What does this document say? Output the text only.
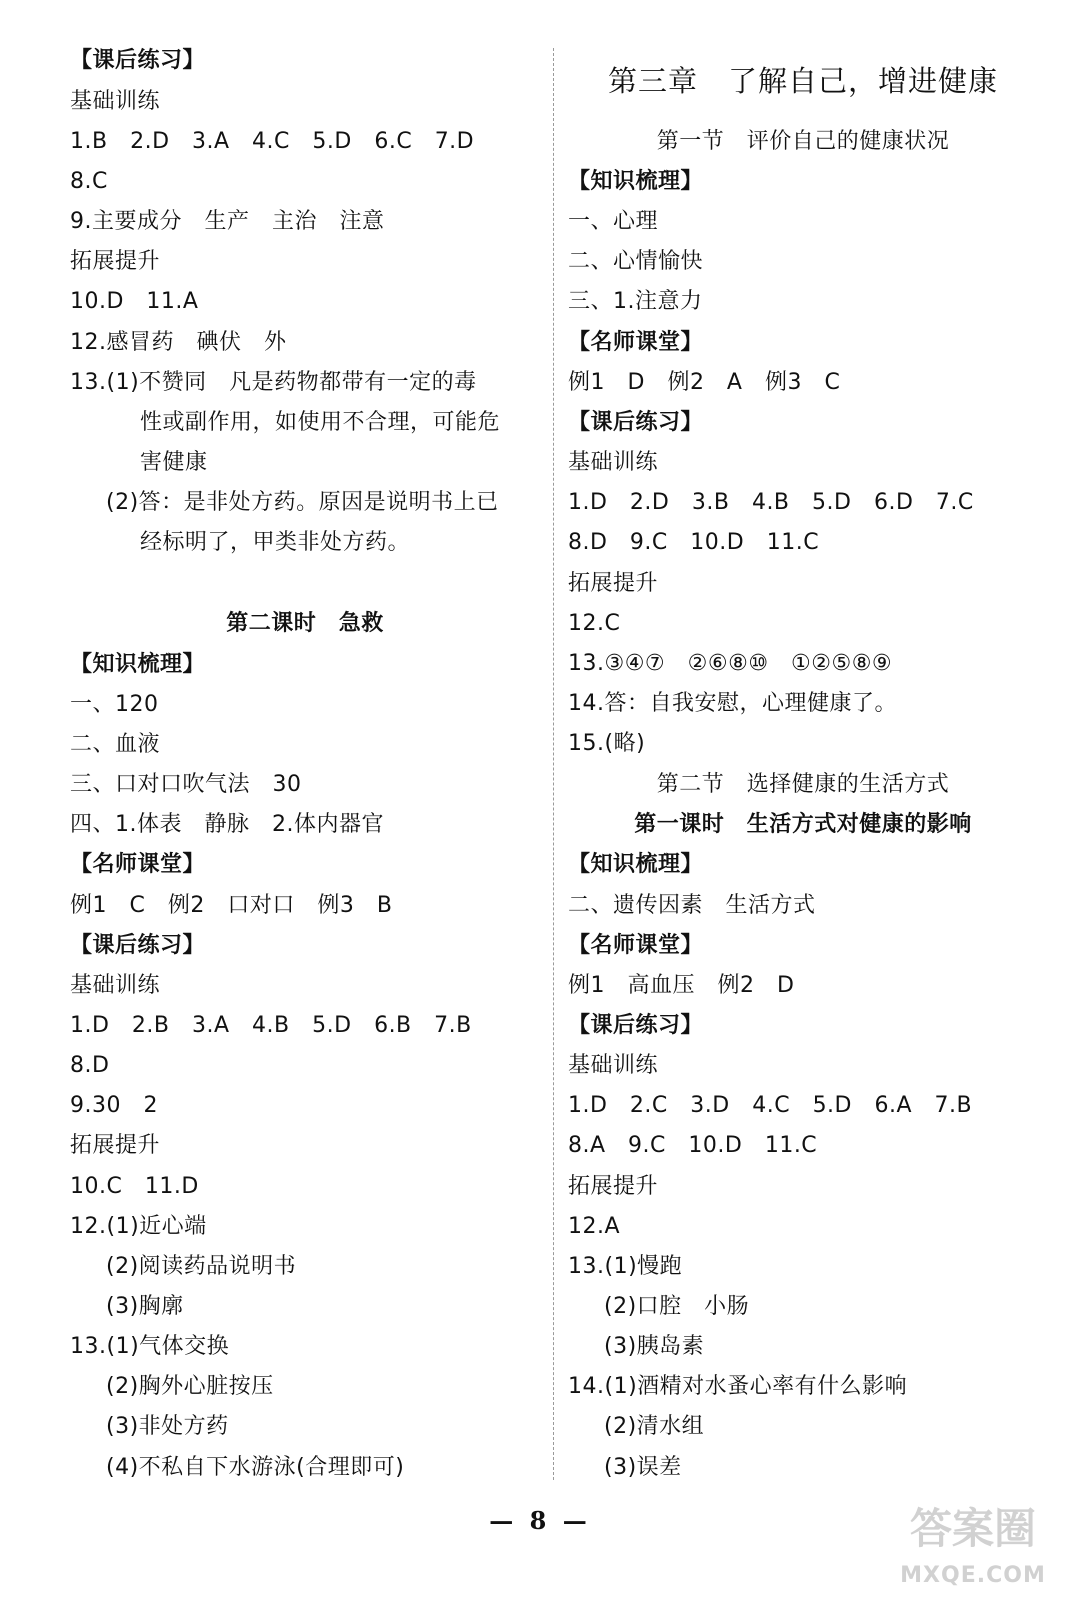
【课后练习】
基础训练
1.B　2.D　3.A　4.C　5.D　6.C　7.D
8.C
9.主要成分　生产　主治　注意
拓展提升
10.D　11.A
12.感冒药　碘伏　外
13.(1)不赞同　凡是药物都带有一定的毒
性或副作用，如使用不合理，可能危
害健康
(2)答：是非处方药。原因是说明书上已
经标明了，甲类非处方药。
第二课时　急救
【知识梳理】
一、120
二、血液
三、口对口吹气法　30
四、1.体表　静脉　2.体内器官
【名师课堂】
例1　C　例2　口对口　例3　B
【课后练习】
基础训练
1.D　2.B　3.A　4.B　5.D　6.B　7.B
8.D
9.30　2
拓展提升
10.C　11.D
12.(1)近心端
(2)阅读药品说明书
(3)胸廓
13.(1)气体交换
(2)胸外心脏按压
(3)非处方药
(4)不私自下水游泳(合理即可)
第三章　了解自己，增进健康
第一节　评价自己的健康状况
【知识梳理】
一、心理
二、心情愉快
三、1.注意力
【名师课堂】
例1　D　例2　A　例3　C
【课后练习】
基础训练
1.D　2.D　3.B　4.B　5.D　6.D　7.C
8.D　9.C　10.D　11.C
拓展提升
12.C
13.③④⑦　②⑥⑧⑩　①②⑤⑧⑨
14.答：自我安慰，心理健康了。
15.(略)
第二节　选择健康的生活方式
第一课时　生活方式对健康的影响
【知识梳理】
二、遗传因素　生活方式
【名师课堂】
例1　高血压　例2　D
【课后练习】
基础训练
1.D　2.C　3.D　4.C　5.D　6.A　7.B
8.A　9.C　10.D　11.C
拓展提升
12.A
13.(1)慢跑
(2)口腔　小肠
(3)胰岛素
14.(1)酒精对水蚤心率有什么影响
(2)清水组
(3)误差
— 8 —	答案圈
MXQE.COM
